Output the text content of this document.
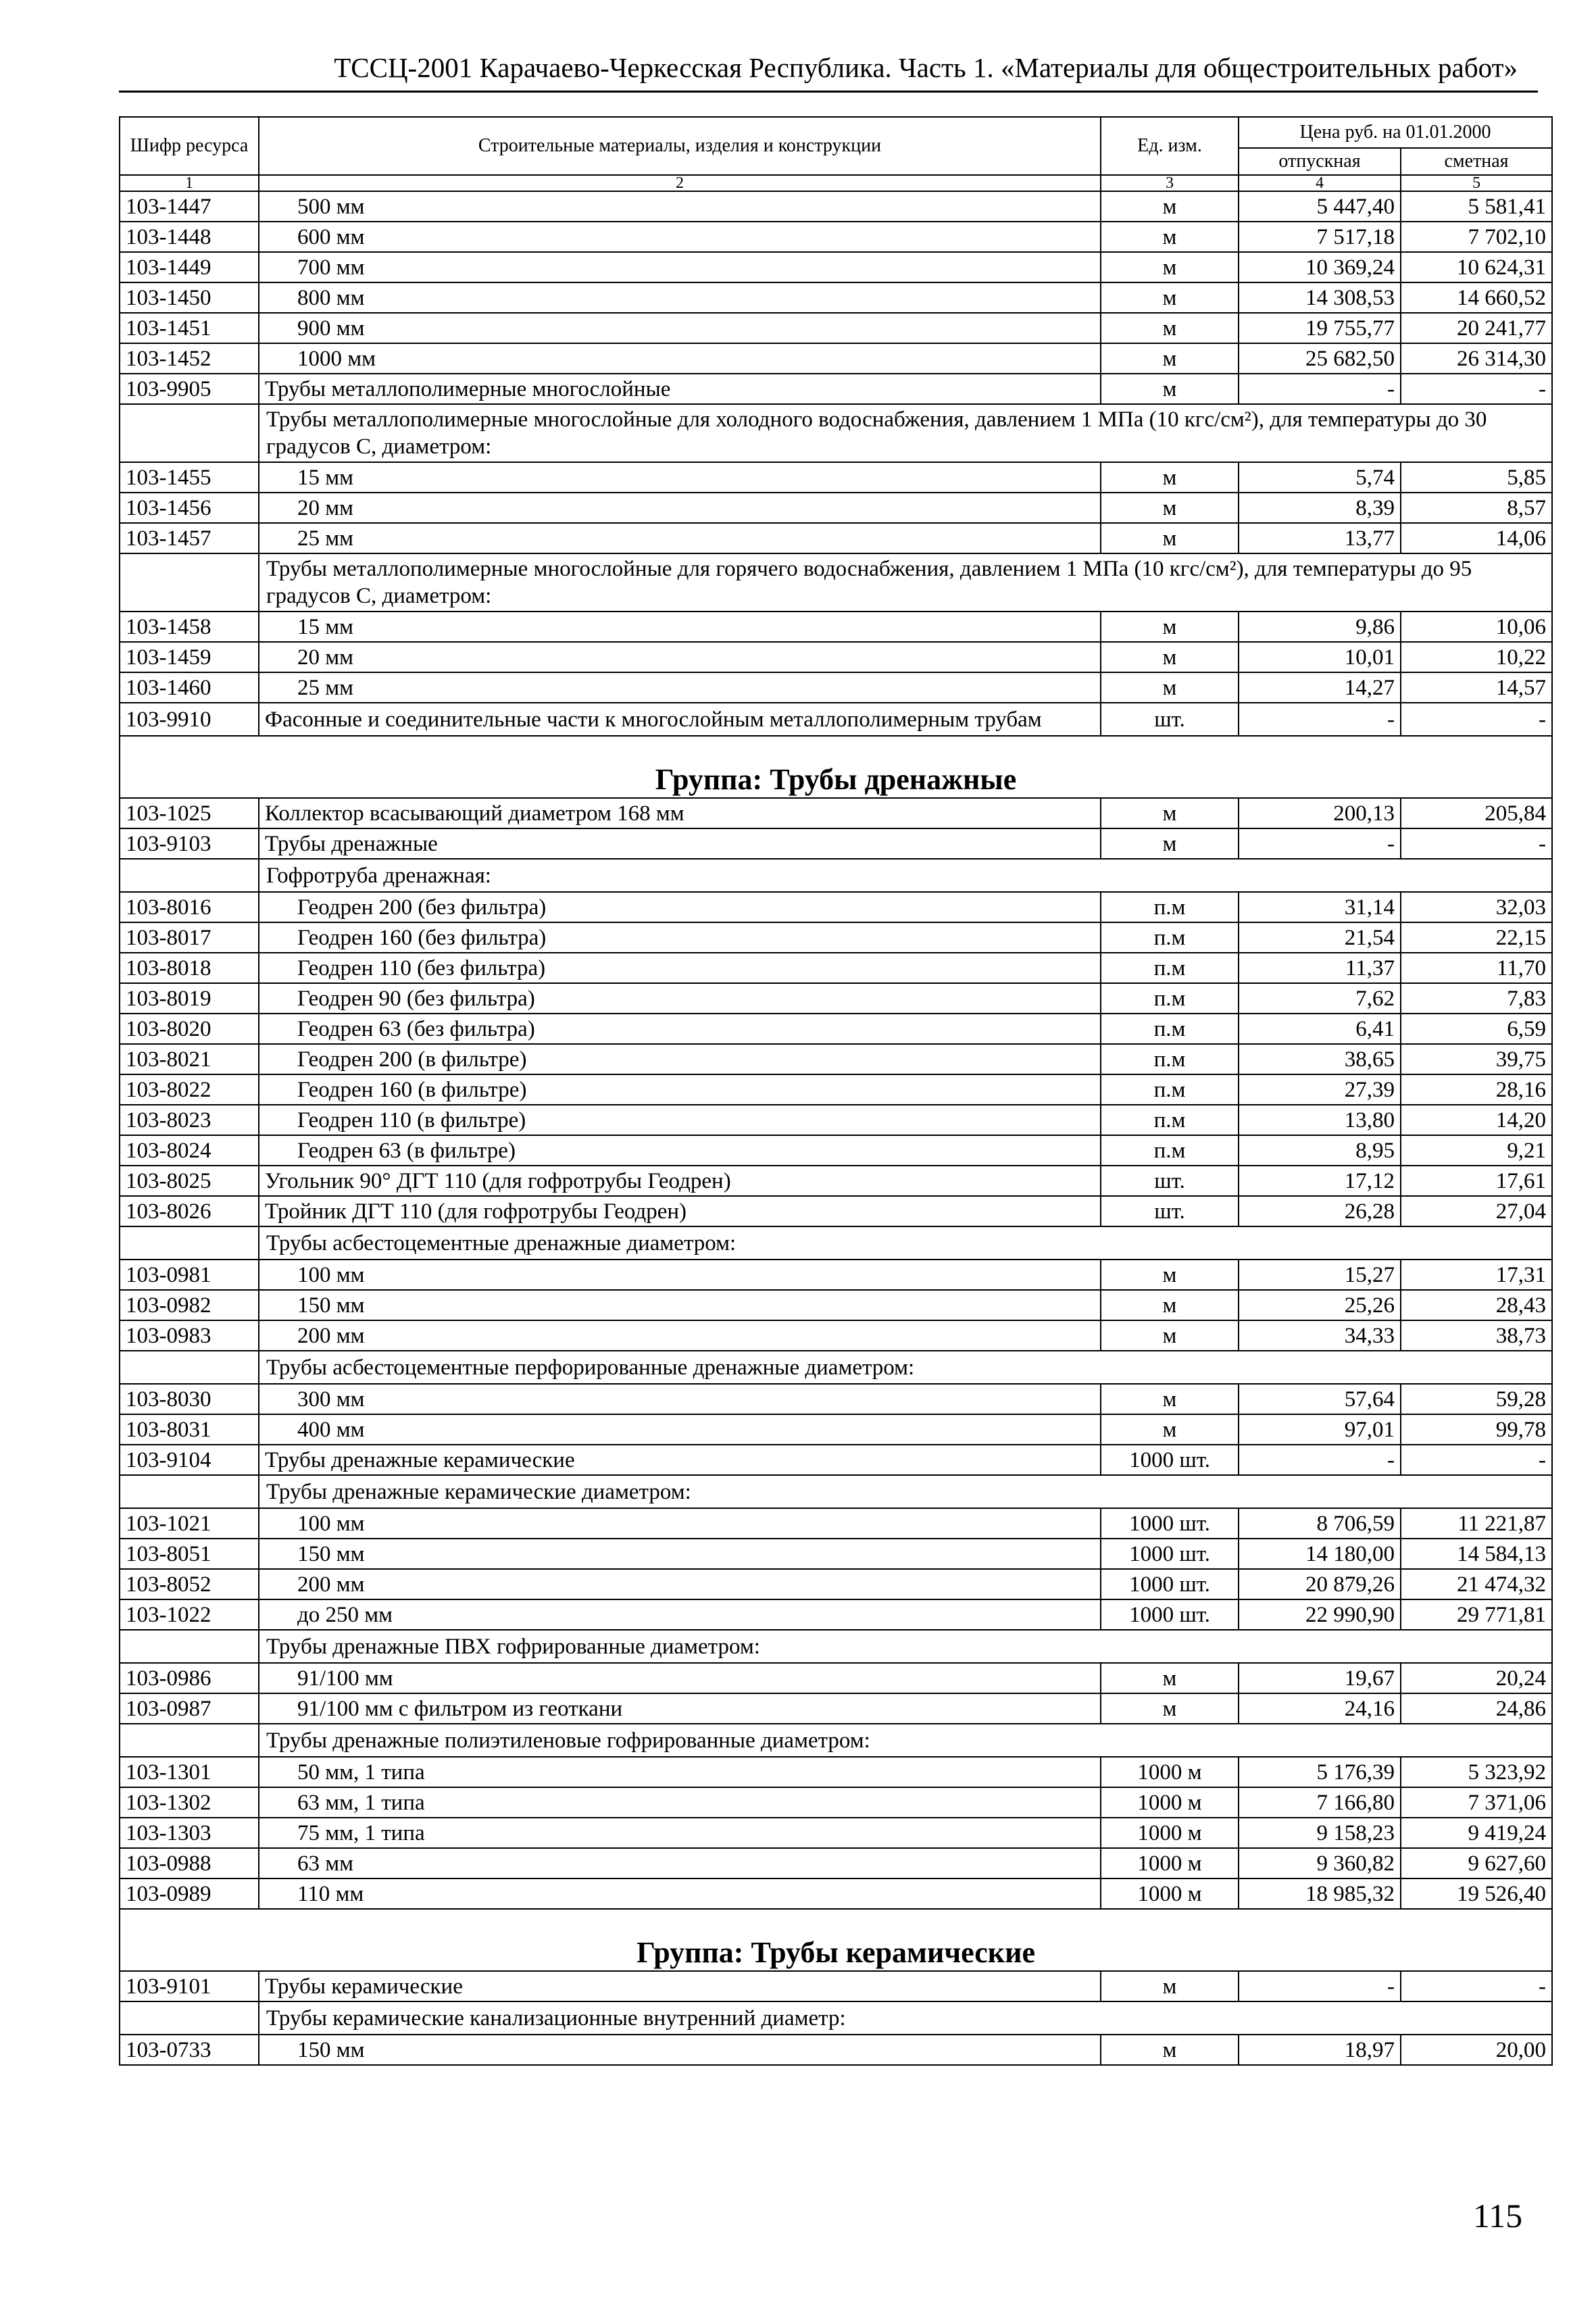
ТССЦ-2001 Карачаево-Черкесская Республика. Часть 1. «Материалы для общестроительных работ»
Шифр ресурса	Строительные материалы, изделия и конструкции	Ед. изм.	Цена руб. на 01.01.2000	
			отпускная	сметная
1	2	3	4	5
103-1447	500 мм	м	5 447,40	5 581,41
103-1448	600 мм	м	7 517,18	7 702,10
103-1449	700 мм	м	10 369,24	10 624,31
103-1450	800 мм	м	14 308,53	14 660,52
103-1451	900 мм	м	19 755,77	20 241,77
103-1452	1000 мм	м	25 682,50	26 314,30
103-9905	Трубы металлополимерные многослойные	м	-	-
	Трубы металлополимерные многослойные для холодного водоснабжения, давлением 1 МПа (10 кгс/см²), для температуры до 30 градусов С, диаметром:			
103-1455	15 мм	м	5,74	5,85
103-1456	20 мм	м	8,39	8,57
103-1457	25 мм	м	13,77	14,06
	Трубы металлополимерные многослойные для горячего водоснабжения, давлением 1 МПа (10 кгс/см²), для температуры до 95 градусов С, диаметром:			
103-1458	15 мм	м	9,86	10,06
103-1459	20 мм	м	10,01	10,22
103-1460	25 мм	м	14,27	14,57
103-9910	Фасонные и соединительные части к многослойным металлополимерным трубам	шт.	-	-
Группа: Трубы дренажные				
103-1025	Коллектор всасывающий диаметром 168 мм	м	200,13	205,84
103-9103	Трубы дренажные	м	-	-
	Гофротруба дренажная:			
103-8016	Геодрен 200 (без фильтра)	п.м	31,14	32,03
103-8017	Геодрен 160 (без фильтра)	п.м	21,54	22,15
103-8018	Геодрен 110 (без фильтра)	п.м	11,37	11,70
103-8019	Геодрен 90 (без фильтра)	п.м	7,62	7,83
103-8020	Геодрен 63 (без фильтра)	п.м	6,41	6,59
103-8021	Геодрен 200 (в фильтре)	п.м	38,65	39,75
103-8022	Геодрен 160 (в фильтре)	п.м	27,39	28,16
103-8023	Геодрен 110 (в фильтре)	п.м	13,80	14,20
103-8024	Геодрен 63 (в фильтре)	п.м	8,95	9,21
103-8025	Угольник 90° ДГТ 110 (для гофротрубы Геодрен)	шт.	17,12	17,61
103-8026	Тройник ДГТ 110 (для гофротрубы Геодрен)	шт.	26,28	27,04
	Трубы асбестоцементные дренажные диаметром:			
103-0981	100 мм	м	15,27	17,31
103-0982	150 мм	м	25,26	28,43
103-0983	200 мм	м	34,33	38,73
	Трубы асбестоцементные перфорированные дренажные диаметром:			
103-8030	300 мм	м	57,64	59,28
103-8031	400 мм	м	97,01	99,78
103-9104	Трубы дренажные керамические	1000 шт.	-	-
	Трубы дренажные керамические диаметром:			
103-1021	100 мм	1000 шт.	8 706,59	11 221,87
103-8051	150 мм	1000 шт.	14 180,00	14 584,13
103-8052	200 мм	1000 шт.	20 879,26	21 474,32
103-1022	до 250 мм	1000 шт.	22 990,90	29 771,81
	Трубы дренажные ПВХ гофрированные диаметром:			
103-0986	91/100 мм	м	19,67	20,24
103-0987	91/100 мм с фильтром из геоткани	м	24,16	24,86
	Трубы дренажные полиэтиленовые гофрированные диаметром:			
103-1301	50 мм, 1 типа	1000 м	5 176,39	5 323,92
103-1302	63 мм, 1 типа	1000 м	7 166,80	7 371,06
103-1303	75 мм, 1 типа	1000 м	9 158,23	9 419,24
103-0988	63 мм	1000 м	9 360,82	9 627,60
103-0989	110 мм	1000 м	18 985,32	19 526,40
Группа: Трубы керамические				
103-9101	Трубы керамические	м	-	-
	Трубы керамические канализационные внутренний диаметр:			
103-0733	150 мм	м	18,97	20,00
115
